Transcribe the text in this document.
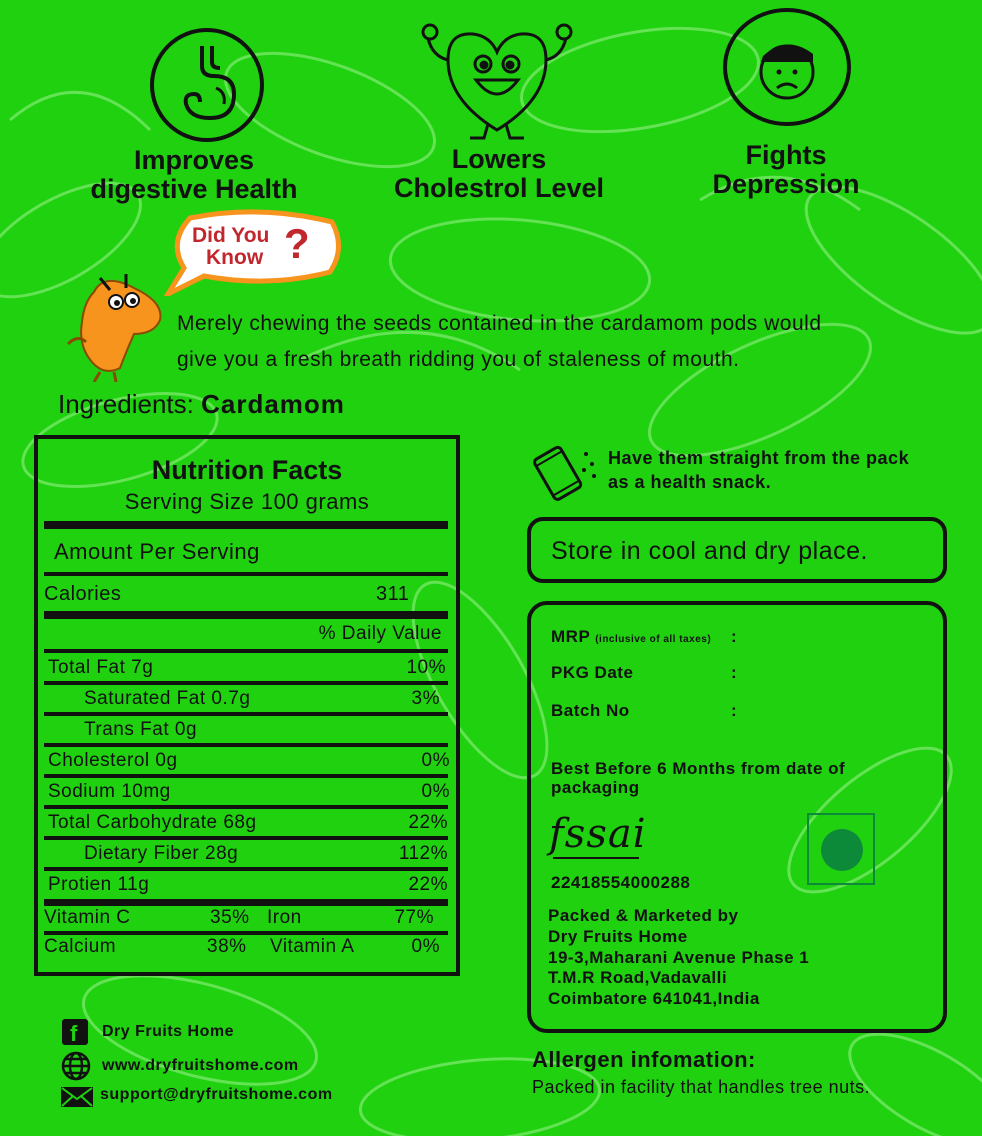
Improves
digestive Health
Lowers
Cholestrol Level
Fights
Depression
Did You
Know ?
Merely chewing the seeds contained in the cardamom pods would
give you a fresh breath ridding you of staleness of mouth.
Ingredients: Cardamom
Nutrition Facts
Serving Size 100 grams
Amount Per Serving
Calories	311
% Daily Value
Total Fat 7g	10%
Saturated Fat 0.7g	3%
Trans Fat 0g
Cholesterol 0g	0%
Sodium 10mg	0%
Total Carbohydrate 68g	22%
Dietary Fiber 28g	112%
Protien 11g	22%
Vitamin C	35% Iron	77%
Calcium	38% Vitamin A	0%
Have them straight from the pack
as a health snack.
Store in cool and dry place.
MRP (inclusive of all taxes) :
PKG Date	:
Batch No	:
Best Before 6 Months from date of
packaging
fssai
22418554000288
Packed & Marketed by
Dry Fruits Home
19-3,Maharani Avenue Phase 1
T.M.R Road,Vadavalli
Coimbatore 641041,India
Allergen infomation:
Packed in facility that handles tree nuts.
f Dry Fruits Home
www.dryfruitshome.com
support@dryfruitshome.com
